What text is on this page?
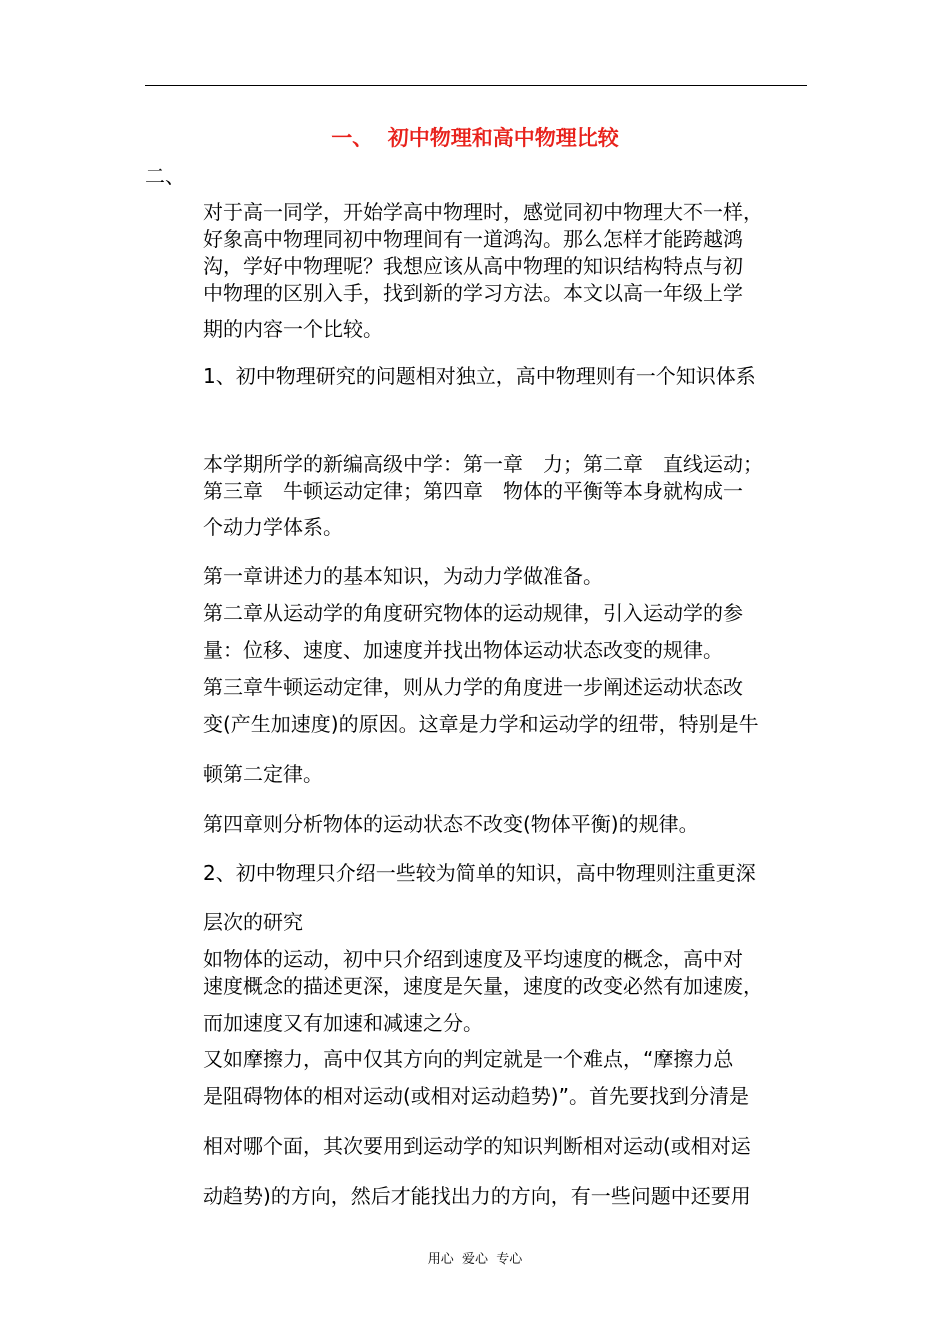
一、  初中物理和高中物理比较
二、
对于高一同学，开始学高中物理时，感觉同初中物理大不一样，
好象高中物理同初中物理间有一道鸿沟。那么怎样才能跨越鸿
沟，学好中物理呢？我想应该从高中物理的知识结构特点与初
中物理的区别入手，找到新的学习方法。本文以高一年级上学
期的内容一个比较。
1、初中物理研究的问题相对独立，高中物理则有一个知识体系
本学期所学的新编高级中学：第一章　力；第二章　直线运动；
第三章　牛顿运动定律；第四章　物体的平衡等本身就构成一
个动力学体系。
第一章讲述力的基本知识，为动力学做准备。
第二章从运动学的角度研究物体的运动规律，引入运动学的参
量：位移、速度、加速度并找出物体运动状态改变的规律。
第三章牛顿运动定律，则从力学的角度进一步阐述运动状态改
变(产生加速度)的原因。这章是力学和运动学的纽带，特别是牛
顿第二定律。
第四章则分析物体的运动状态不改变(物体平衡)的规律。
2、初中物理只介绍一些较为简单的知识，高中物理则注重更深
层次的研究
如物体的运动，初中只介绍到速度及平均速度的概念，高中对
速度概念的描述更深，速度是矢量，速度的改变必然有加速废，
而加速度又有加速和减速之分。
又如摩擦力，高中仅其方向的判定就是一个难点，“摩擦力总
是阻碍物体的相对运动(或相对运动趋势)”。首先要找到分清是
相对哪个面，其次要用到运动学的知识判断相对运动(或相对运
动趋势)的方向，然后才能找出力的方向，有一些问题中还要用
用心  爱心  专心
